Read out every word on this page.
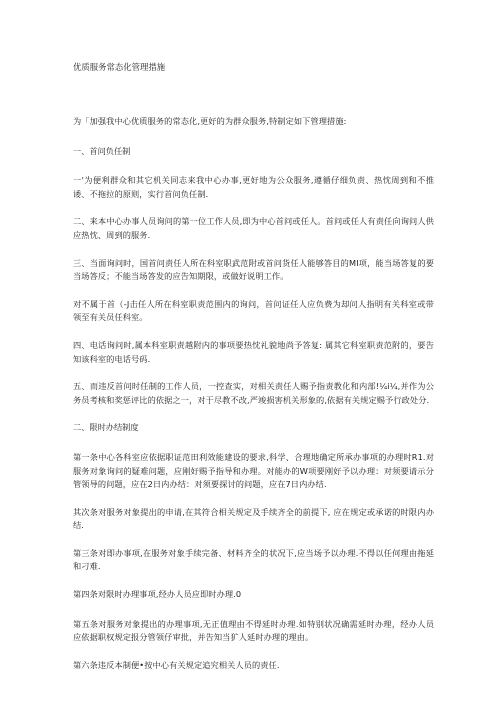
优质服务常态化管理措施

为「加强我中心优质服务的常态化,更好的为群众服务,特制定如下管理措施:

一、首问负任制

一'为便利群众和其它机关同志来我中心办事,更好地为公众服务,遵循仔细负责、热忱周到和不推诿、不拖拉的原则，实行首问负任制.

二、来本中心办事人员询问的第一位工作人员,即为中心首问或任人。首问或任人有责任向询问人供应热忱、周到的服务.

三、当面询问时，国首问责任人所在科室职武范附或首问货任人能够答目的MI项，能当场答复的要当场答反；不能当场答发的应告知期限，或做好说明工作。

对不属于首（-J击任人所在科室职责范围内的询问，首问证任人应负费为却问人指明有关科室或带领至有关员任科室。

四、电话询问时,属本科室职责越附内的事项要热忱礼貌地尚予答复: 属其它科室职责范附的，要告知该科室的电话号码.

五、而违反首问时任制的工作人员，一控查实，对相关责任人赐予指责教化和内部!¼i¼,并作为公务员考核和奖惩评比的依据之一，对于尽教不改,严竣损害机关形象的,依据有关规定赐予行政处分.

二、限时办结制度

第一条中心各科室应依据职证范田利效能建设的要求,科学、合理地确定所承办事项的办理时R1.对服务对象询问的疑难问题，应刚好赐予指导和办理。对能办的W项要刚好予以办理：对须要请示分管领导的问题，应在2日内办结：对须要探讨的问题，应在7日内办结.

其次条对服务对象提出的申请,在其符合相关规定及手续齐全的前提下, 应在规定或承诺的时限内办结.

第三条对即办事项,在服务对象手续完备、材料齐全的状况下,应当场予以办理.不得以任何理由拖延和刁难.

第四条对限时办理事项,经办人员应即时办理.0

第五条对服务对象提出的办理事项,无正值理由不得延时办理.如特别状况确需延时办理，经办人员应依据职权规定报分管领仔审批，并告知当犷人延时办理的理由。

第六条违反本制便•按中心有关规定追究相关人员的责任.
